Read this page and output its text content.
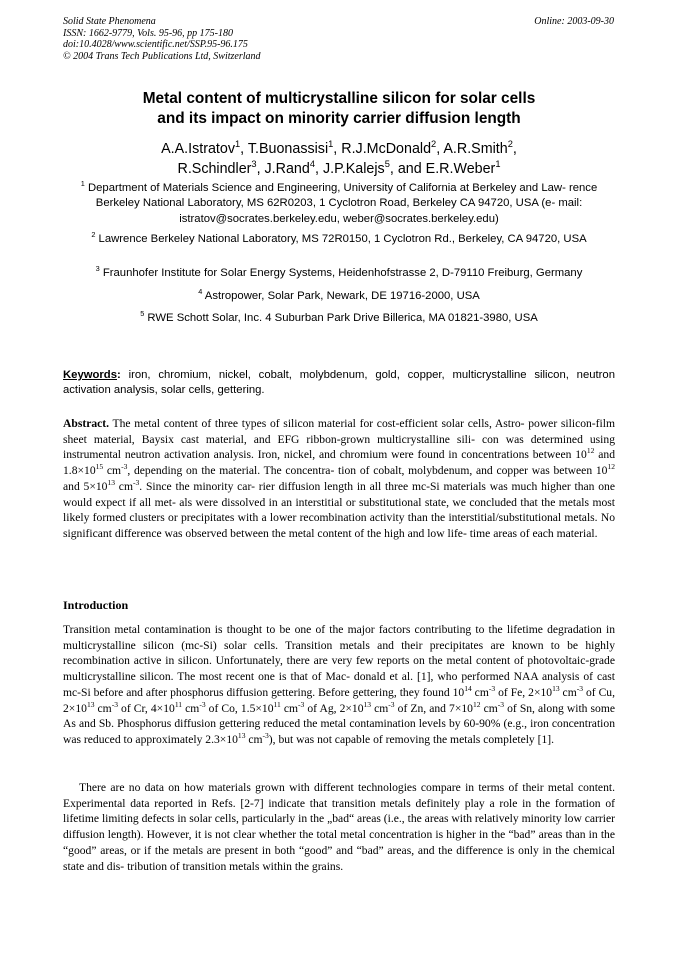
Solid State Phenomena
ISSN: 1662-9779, Vols. 95-96, pp 175-180
doi:10.4028/www.scientific.net/SSP.95-96.175
© 2004 Trans Tech Publications Ltd, Switzerland
Online: 2003-09-30
Metal content of multicrystalline silicon for solar cells
and its impact on minority carrier diffusion length
A.A.Istratov$^1$, T.Buonassisi$^1$, R.J.McDonald$^2$, A.R.Smith$^2$,
R.Schindler$^3$, J.Rand$^4$, J.P.Kalejs$^5$, and E.R.Weber$^1$
$^1$ Department of Materials Science and Engineering, University of California at Berkeley and Law- rence Berkeley National Laboratory, MS 62R0203, 1 Cyclotron Road, Berkeley CA 94720, USA (e- mail: istratov@socrates.berkeley.edu, weber@socrates.berkeley.edu)
$^2$ Lawrence Berkeley National Laboratory, MS 72R0150, 1 Cyclotron Rd., Berkeley, CA 94720, USA
$^3$ Fraunhofer Institute for Solar Energy Systems, Heidenhofstrasse 2, D-79110 Freiburg, Germany
$^4$ Astropower, Solar Park, Newark, DE 19716-2000, USA
$^5$ RWE Schott Solar, Inc. 4 Suburban Park Drive Billerica, MA 01821-3980, USA
Keywords: iron, chromium, nickel, cobalt, molybdenum, gold, copper, multicrystalline silicon, neutron activation analysis, solar cells, gettering.
Abstract. The metal content of three types of silicon material for cost-efficient solar cells, Astro- power silicon-film sheet material, Baysix cast material, and EFG ribbon-grown multicrystalline sili- con was determined using instrumental neutron activation analysis. Iron, nickel, and chromium were found in concentrations between $10^{12}$ and $1.8\times 10^{15}$ $cm^{-3}$, depending on the material. The concentra- tion of cobalt, molybdenum, and copper was between $10^{12}$ and $5\times 10^{13}$ $cm^{-3}$. Since the minority car- rier diffusion length in all three mc-Si materials was much higher than one would expect if all met- als were dissolved in an interstitial or substitutional state, we concluded that the metals most likely formed clusters or precipitates with a lower recombination activity than the interstitial/substitutional metals. No significant difference was observed between the metal content of the high and low life- time areas of each material.
Introduction

Transition metal contamination is thought to be one of the major factors contributing to the lifetime degradation in multicrystalline silicon (mc-Si) solar cells. Transition metals and their precipitates are known to be highly recombination active in silicon. Unfortunately, there are very few reports on the metal content of photovoltaic-grade multicrystalline silicon. The most recent one is that of Mac- donald et al. [1], who performed NAA analysis of cast mc-Si before and after phosphorus diffusion gettering. Before gettering, they found $10^{14}$ $cm^{-3}$ of Fe, $2\times 10^{13}$ $cm^{-3}$ of Cu, $2\times 10^{13}$ $cm^{-3}$ of Cr, $4\times 10^{11}$ $cm^{-3}$ of Co, $1.5\times 10^{11}$ $cm^{-3}$ of Ag, $2\times 10^{13}$ $cm^{-3}$ of Zn, and $7\times 10^{12}$ $cm^{-3}$ of Sn, along with some As and Sb. Phosphorus diffusion gettering reduced the metal contamination levels by 60-90% (e.g., iron concentration was reduced to approximately $2.3\times 10^{13}$ $cm^{-3}$), but was not capable of removing the metals completely [1].

There are no data on how materials grown with different technologies compare in terms of their metal content. Experimental data reported in Refs. [2-7] indicate that transition metals definitely play a role in the formation of lifetime limiting defects in solar cells, particularly in the „bad“ areas (i.e., the areas with relatively minority low carrier diffusion length). However, it is not clear whether the total metal concentration is higher in the “bad” areas than in the “good” areas, or if the metals are present in both “good” and “bad” areas, and the difference is only in the chemical state and dis- tribution of transition metals within the grains.
